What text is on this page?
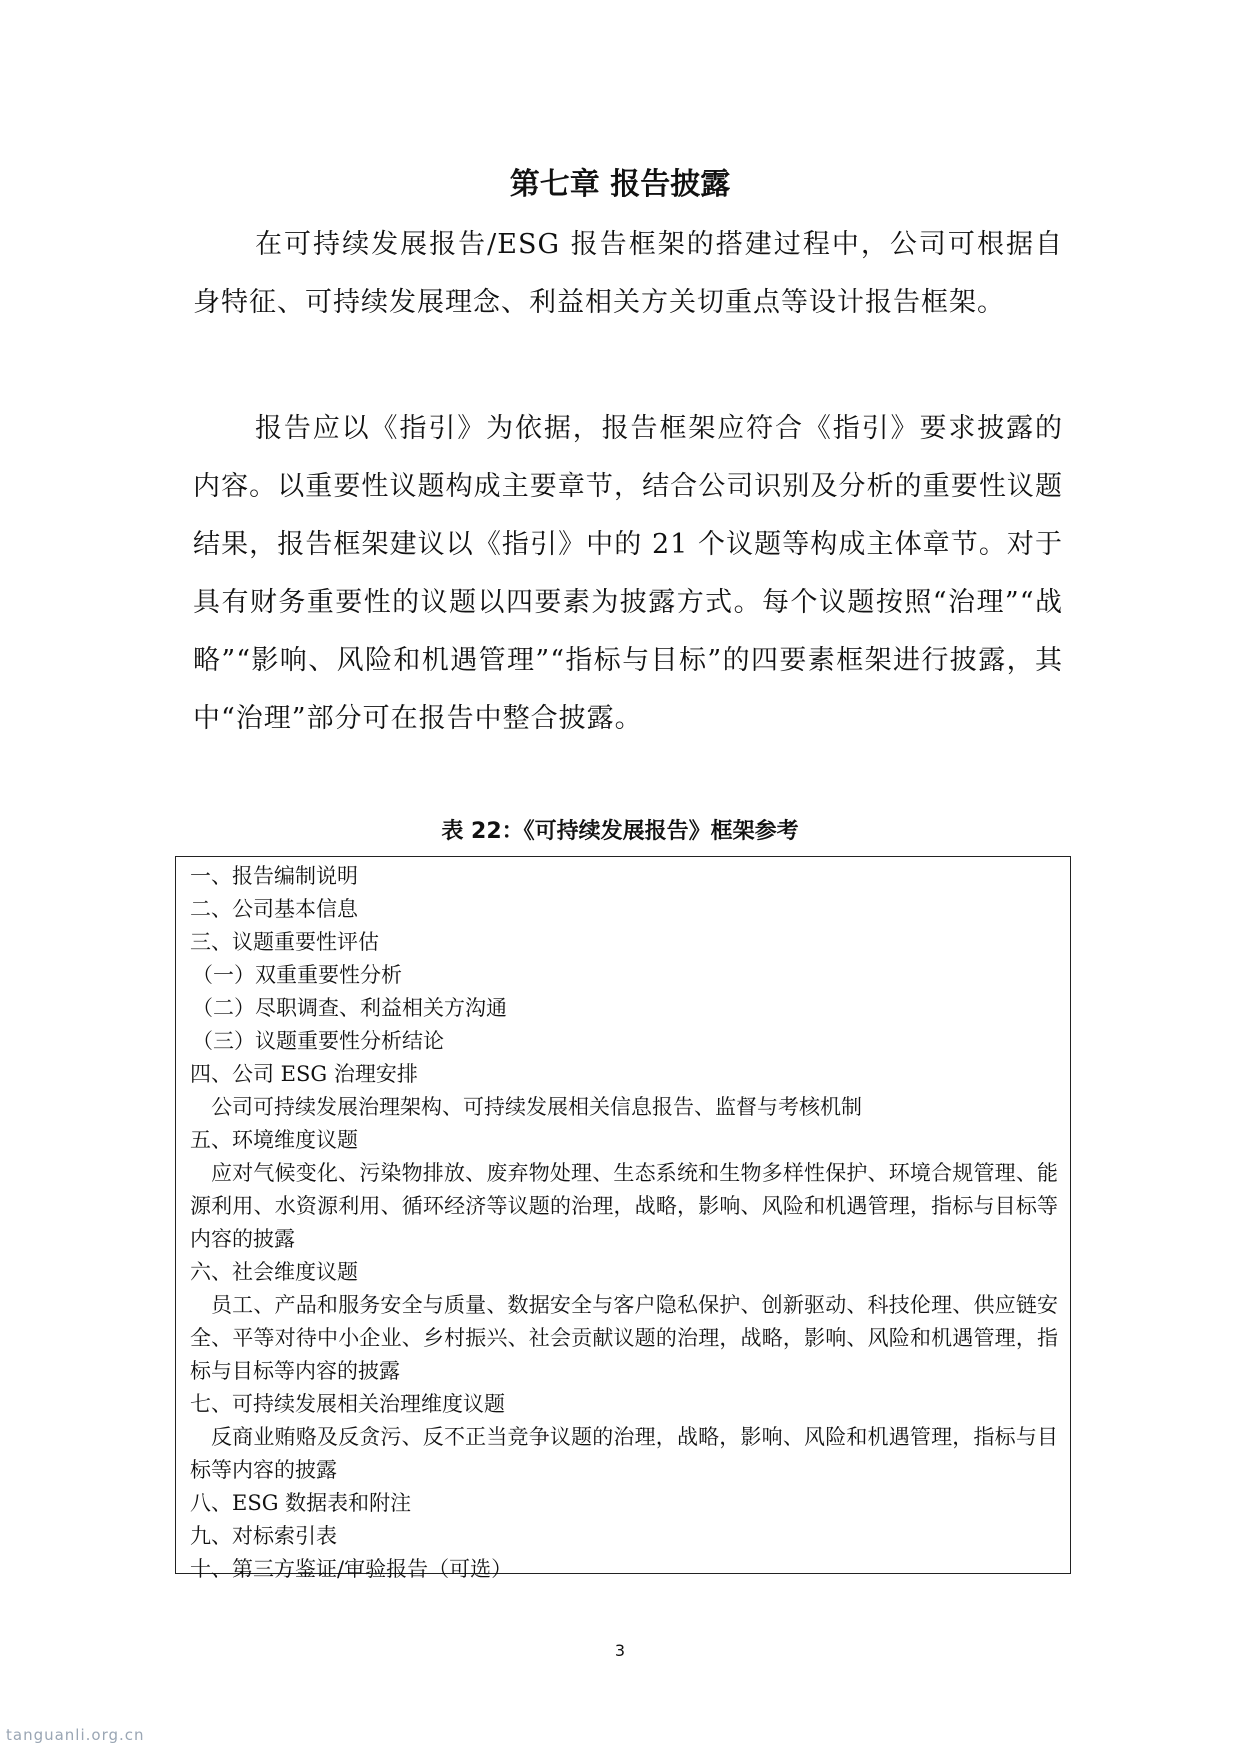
第七章 报告披露

在可持续发展报告/ESG 报告框架的搭建过程中，公司可根据自身特征、可持续发展理念、利益相关方关切重点等设计报告框架。

报告应以《指引》为依据，报告框架应符合《指引》要求披露的内容。以重要性议题构成主要章节，结合公司识别及分析的重要性议题结果，报告框架建议以《指引》中的 21 个议题等构成主体章节。对于具有财务重要性的议题以四要素为披露方式。每个议题按照“治理”“战略”“影响、风险和机遇管理”“指标与目标”的四要素框架进行披露，其中“治理”部分可在报告中整合披露。

表 22：《可持续发展报告》框架参考

一、报告编制说明

二、公司基本信息

三、议题重要性评估

（一）双重重要性分析

（二）尽职调查、利益相关方沟通

（三）议题重要性分析结论

四、公司 ESG 治理安排

公司可持续发展治理架构、可持续发展相关信息报告、监督与考核机制

五、环境维度议题

应对气候变化、污染物排放、废弃物处理、生态系统和生物多样性保护、环境合规管理、能源利用、水资源利用、循环经济等议题的治理，战略，影响、风险和机遇管理，指标与目标等内容的披露

六、社会维度议题

员工、产品和服务安全与质量、数据安全与客户隐私保护、创新驱动、科技伦理、供应链安全、平等对待中小企业、乡村振兴、社会贡献议题的治理，战略，影响、风险和机遇管理，指标与目标等内容的披露

七、可持续发展相关治理维度议题

反商业贿赂及反贪污、反不正当竞争议题的治理，战略，影响、风险和机遇管理，指标与目标等内容的披露

八、ESG 数据表和附注

九、对标索引表

十、第三方鉴证/审验报告（可选）

3

tanguanli.org.cn
